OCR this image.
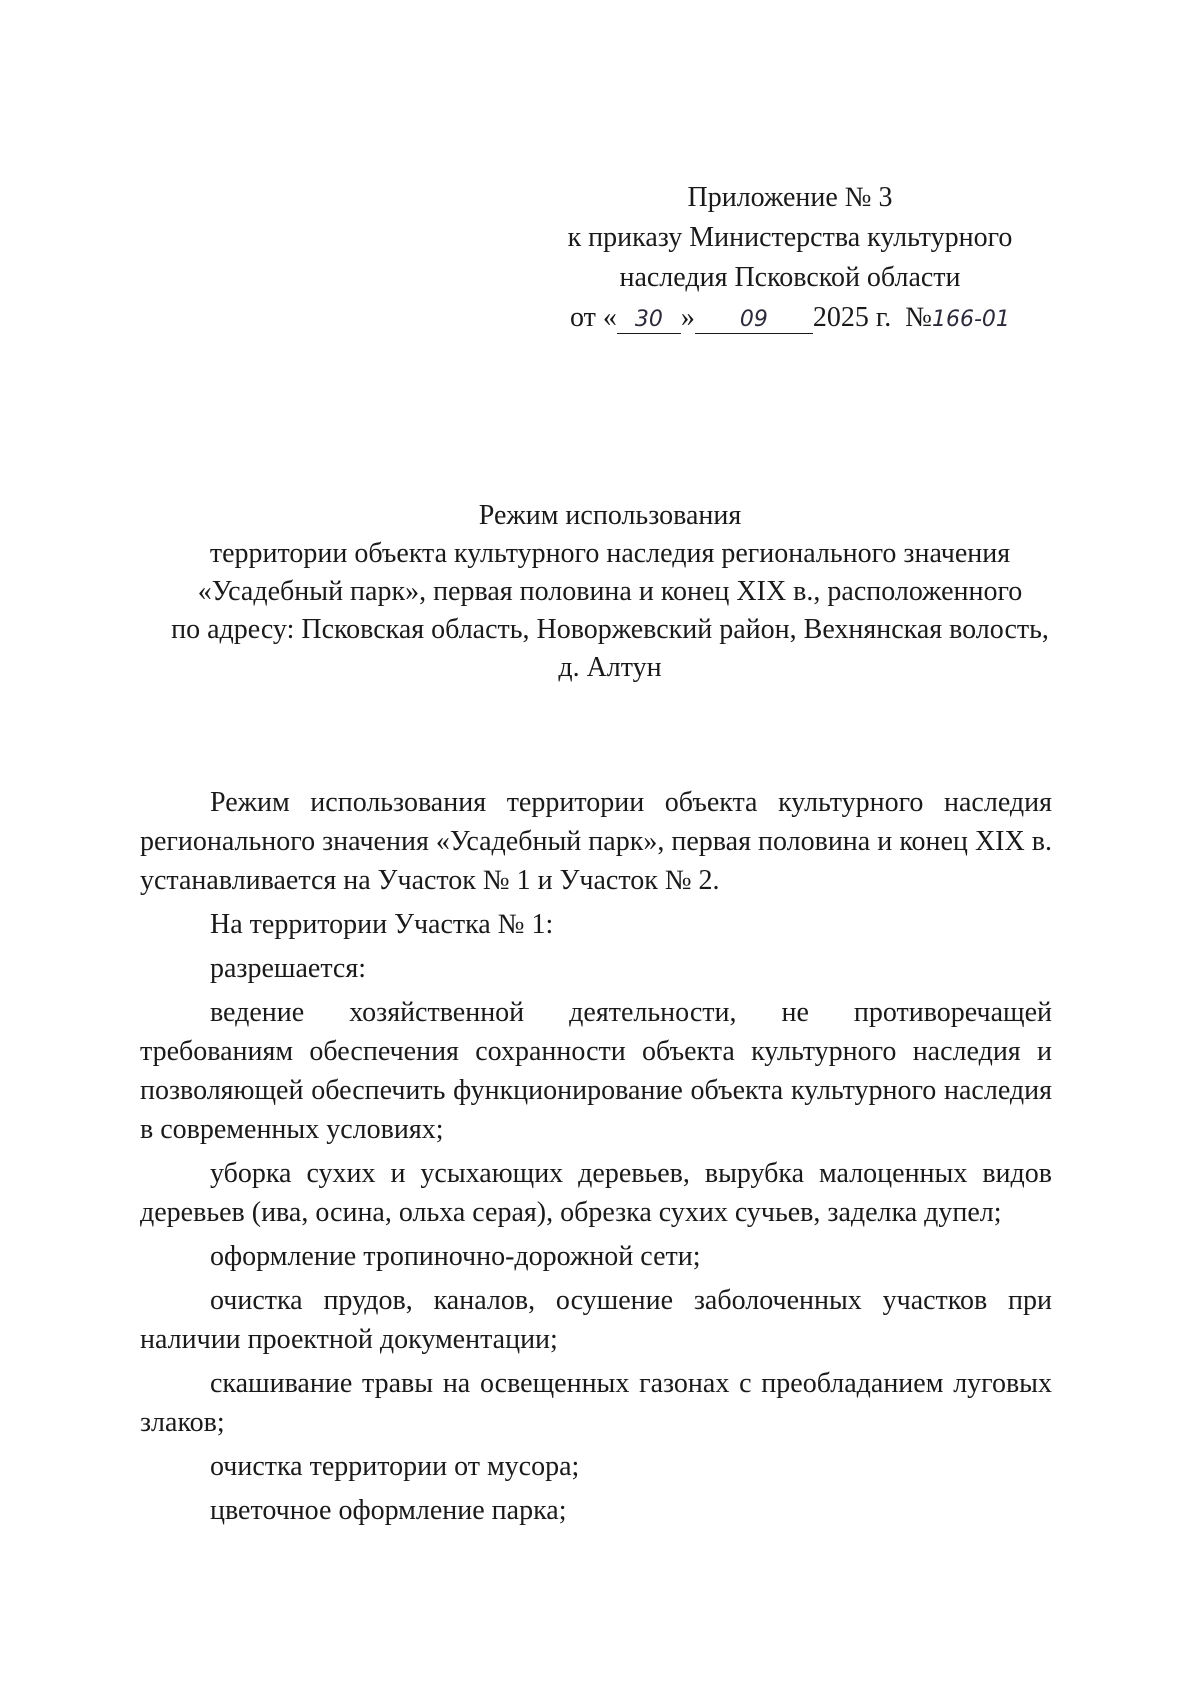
Приложение № 3
к приказу Министерства культурного
наследия Псковской области
от « 30 » 09 2025 г. №166-01
Режим использования
территории объекта культурного наследия регионального значения
«Усадебный парк», первая половина и конец XIX в., расположенного
по адресу: Псковская область, Новоржевский район, Вехнянская волость,
д. Алтун

Режим использования территории объекта культурного наследия регионального значения «Усадебный парк», первая половина и конец XIX в. устанавливается на Участок № 1 и Участок № 2.

На территории Участка № 1:

разрешается:

ведение хозяйственной деятельности, не противоречащей требованиям обеспечения сохранности объекта культурного наследия и позволяющей обеспечить функционирование объекта культурного наследия в современных условиях;

уборка сухих и усыхающих деревьев, вырубка малоценных видов деревьев (ива, осина, ольха серая), обрезка сухих сучьев, заделка дупел;

оформление тропиночно-дорожной сети;

очистка прудов, каналов, осушение заболоченных участков при наличии проектной документации;

скашивание травы на освещенных газонах с преобладанием луговых злаков;

очистка территории от мусора;

цветочное оформление парка;
